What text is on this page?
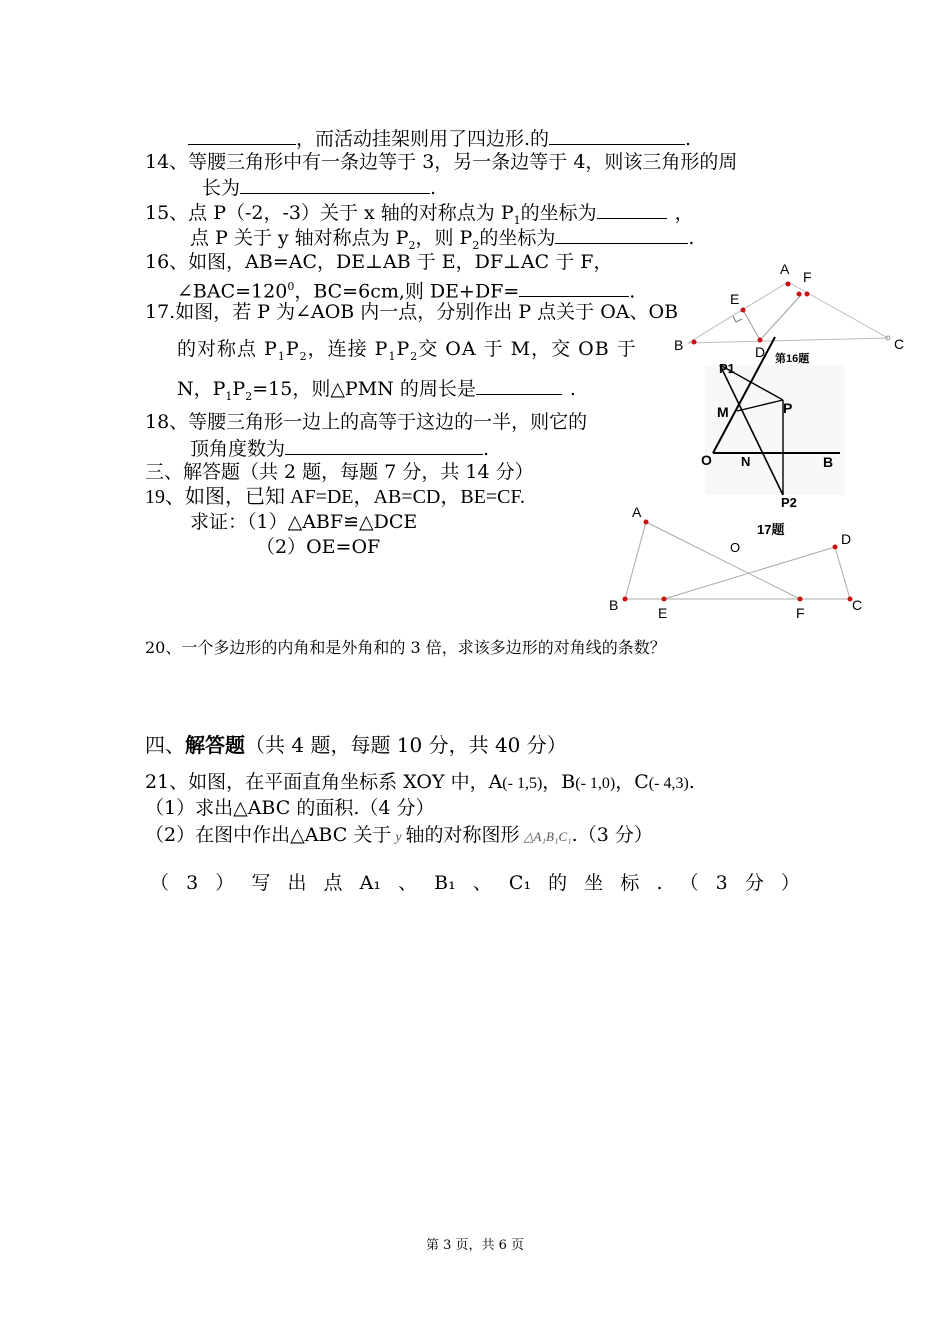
，而活动挂架则用了四边形.的	.
14、等腰三角形中有一条边等于 3，另一条边等于 4，则该三角形的周
长为	.
15、点 P（-2，-3）关于 x 轴的对称点为 $P_1$的坐标为	，
点 P 关于 y 轴对称点为 $P_2$，则 $P_2$的坐标为	.
16、如图，AB=AC，DE⊥AB 于 E，DF⊥AC 于 F，
$\angle BAC=120^0$，BC=6cm,则 DE+DF=	.
17.如图，若 P 为∠AOB 内一点，分别作出 P 点关于 OA、OB
的对称点 $P_1P_2$，连接 $P_1P_2$交 OA 于 M，交 OB 于
N，$P_1P_2=15$，则△PMN 的周长是	.
18、等腰三角形一边上的高等于这边的一半，则它的
顶角度数为	.
三、解答题（共 2 题，每题 7 分，共 14 分）
19、如图，已知 AF=DE，AB=CD，BE=CF.
求证：（1）△ABF≌△DCE
（2）OE=OF
20、一个多边形的内角和是外角和的 3 倍，求该多边形的对角线的条数？
四、解答题（共 4 题，每题 10 分，共 40 分）
21、如图，在平面直角坐标系 XOY 中，A(- 1,5)，B(- 1,0)，C(- 4,3).
（1）求出△ABC 的面积.（4 分）
（2）在图中作出△ABC 关于 y 轴的对称图形 △A₁B₁C₁.（3 分）
（ 3 ） 写 出 点 A₁ 、 B₁ 、 C₁ 的 坐 标 . （ 3 分 ）
A F
E
B	C
D 第16题
P1
M	P
O N	B
P2
17题
A
D
O
B	E	F	C
第 3 页，共 6 页
